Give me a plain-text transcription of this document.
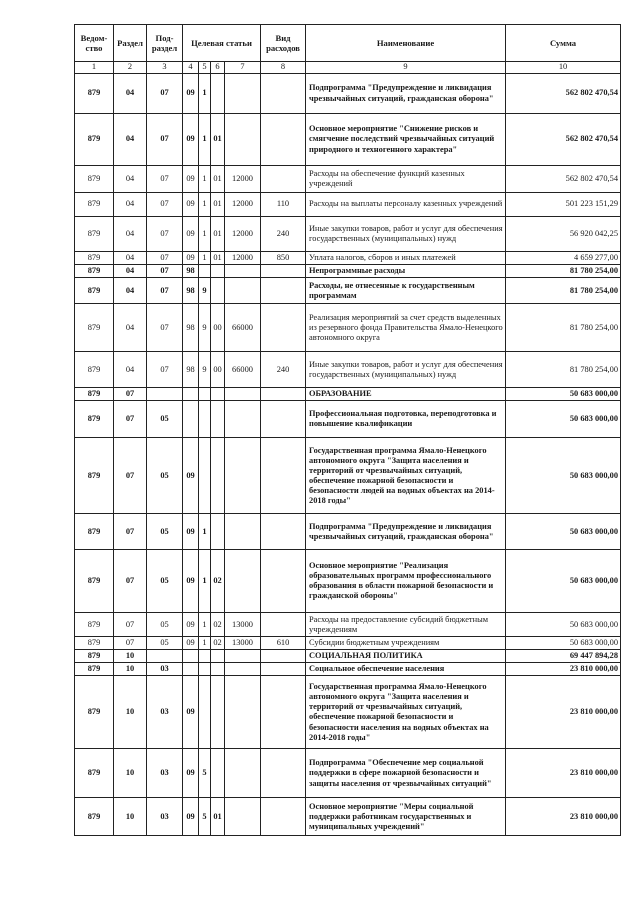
Ведом-ство	Раздел	Под-раздел	Целевая статьи				Вид расходов	Наименование	Сумма
1	2	3	4	5	6	7	8	9	10
879	04	07	09	1				Подпрограмма "Предупреждение и ликвидация чрезвычайных ситуаций, гражданская оборона"	562 802 470,54
879	04	07	09	1	01			Основное мероприятие "Снижение рисков и смягчение последствий чрезвычайных ситуаций природного и техногенного характера"	562 802 470,54
879	04	07	09	1	01	12000		Расходы на обеспечение функций казенных учреждений	562 802 470,54
879	04	07	09	1	01	12000	110	Расходы на выплаты персоналу казенных учреждений	501 223 151,29
879	04	07	09	1	01	12000	240	Иные закупки товаров, работ и услуг для обеспечения государственных (муниципальных) нужд	56 920 042,25
879	04	07	09	1	01	12000	850	Уплата налогов, сборов и иных платежей	4 659 277,00
879	04	07	98					Непрограммные расходы	81 780 254,00
879	04	07	98	9				Расходы, не отнесенные к государственным программам	81 780 254,00
879	04	07	98	9	00	66000		Реализация мероприятий за счет средств выделенных из резервного фонда Правительства Ямало-Ненецкого автономного округа	81 780 254,00
879	04	07	98	9	00	66000	240	Иные закупки товаров, работ и услуг для обеспечения государственных (муниципальных) нужд	81 780 254,00
879	07							ОБРАЗОВАНИЕ	50 683 000,00
879	07	05						Профессиональная подготовка, переподготовка и повышение квалификации	50 683 000,00
879	07	05	09					Государственная программа Ямало-Ненецкого автономного округа "Защита населения и территорий от чрезвычайных ситуаций, обеспечение пожарной безопасности и безопасности людей на водных объектах на 2014-2018 годы"	50 683 000,00
879	07	05	09	1				Подпрограмма "Предупреждение и ликвидация чрезвычайных ситуаций, гражданская оборона"	50 683 000,00
879	07	05	09	1	02			Основное мероприятие "Реализация образовательных программ профессионального образования в области пожарной безопасности и гражданской обороны"	50 683 000,00
879	07	05	09	1	02	13000		Расходы на предоставление субсидий бюджетным учреждениям	50 683 000,00
879	07	05	09	1	02	13000	610	Субсидии бюджетным учреждениям	50 683 000,00
879	10							СОЦИАЛЬНАЯ ПОЛИТИКА	69 447 894,28
879	10	03						Социальное обеспечение населения	23 810 000,00
879	10	03	09					Государственная программа Ямало-Ненецкого автономного округа "Защита населения и территорий от чрезвычайных ситуаций, обеспечение пожарной безопасности и безопасности населения на водных объектах на 2014-2018 годы"	23 810 000,00
879	10	03	09	5				Подпрограмма "Обеспечение мер социальной поддержки в сфере пожарной безопасности и защиты населения от чрезвычайных ситуаций"	23 810 000,00
879	10	03	09	5	01			Основное мероприятие "Меры социальной поддержки работникам государственных и муниципальных учреждений"	23 810 000,00
